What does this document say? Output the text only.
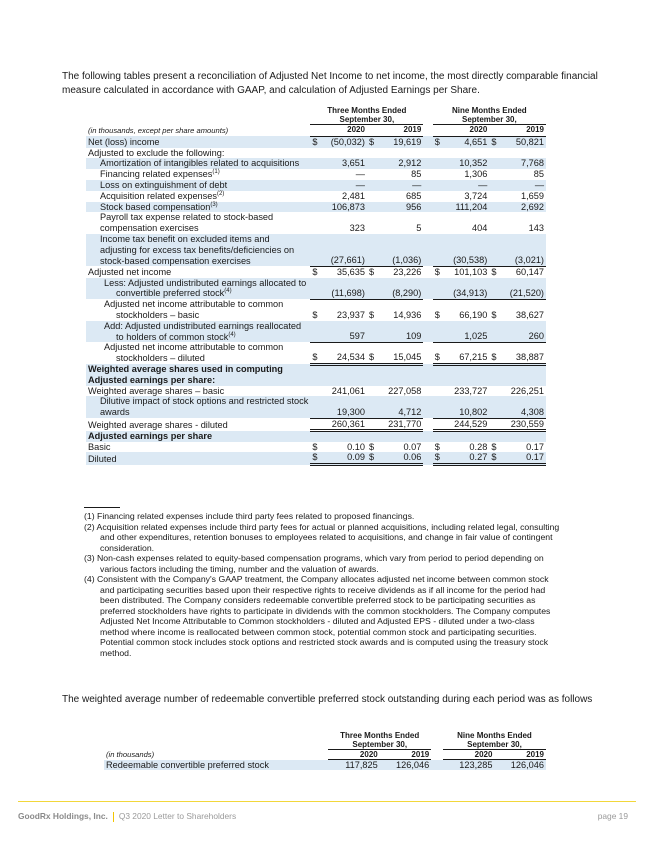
The following tables present a reconciliation of Adjusted Net Income to net income, the most directly comparable financial measure calculated in accordance with GAAP, and calculation of Adjusted Earnings per Share.
	Three Months Ended September 30,					Nine Months Ended September 30,			
(in thousands, except per share amounts)	2020		2019			2020		2019	
Net (loss) income	$	(50,032)	$	19,619		$	4,651	$	50,821
Adjusted to exclude the following:									
Amortization of intangibles related to acquisitions		3,651		2,912			10,352		7,768
Financing related expenses$^{(1)}$		—		85			1,306		85
Loss on extinguishment of debt		—		—			—		—
Acquisition related expenses$^{(2)}$		2,481		685			3,724		1,659
Stock based compensation$^{(3)}$		106,873		956			111,204		2,692
Payroll tax expense related to stock-based compensation exercises		323		5			404		143
Income tax benefit on excluded items and adjusting for excess tax benefits/deficiencies on stock-based compensation exercises		(27,661)		(1,036)			(30,538)		(3,021)
Adjusted net income	$	35,635	$	23,226		$	101,103	$	60,147
Less: Adjusted undistributed earnings allocated to convertible preferred stock$^{(4)}$		(11,698)		(8,290)			(34,913)		(21,520)
Adjusted net income attributable to common stockholders – basic	$	23,937	$	14,936		$	66,190	$	38,627
Add: Adjusted undistributed earnings reallocated to holders of common stock$^{(4)}$		597		109			1,025		260
Adjusted net income attributable to common stockholders – diluted	$	24,534	$	15,045		$	67,215	$	38,887
Weighted average shares used in computing Adjusted earnings per share:									
Weighted average shares – basic		241,061		227,058			233,727		226,251
Dilutive impact of stock options and restricted stock awards		19,300		4,712			10,802		4,308
Weighted average shares - diluted		260,361		231,770			244,529		230,559
Adjusted earnings per share									
Basic	$	0.10	$	0.07		$	0.28	$	0.17
Diluted	$	0.09	$	0.06		$	0.27	$	0.17
(1) Financing related expenses include third party fees related to proposed financings.
(2) Acquisition related expenses include third party fees for actual or planned acquisitions, including related legal, consulting and other expenditures, retention bonuses to employees related to acquisitions, and change in fair value of contingent consideration.
(3) Non-cash expenses related to equity-based compensation programs, which vary from period to period depending on various factors including the timing, number and the valuation of awards.
(4) Consistent with the Company's GAAP treatment, the Company allocates adjusted net income between common stock and participating securities based upon their respective rights to receive dividends as if all income for the period had been distributed. The Company considers redeemable convertible preferred stock to be participating securities as preferred stockholders have rights to participate in dividends with the common stockholders. The Company computes Adjusted Net Income Attributable to Common stockholders - diluted and Adjusted EPS - diluted under a two-class method where income is reallocated between common stock, potential common stock and participating securities. Potential common stock includes stock options and restricted stock awards and is computed using the treasury stock method.
The weighted average number of redeemable convertible preferred stock outstanding during each period was as follows
	Three Months Ended September 30,			Nine Months Ended September 30,	
(in thousands)	2020	2019		2020	2019
Redeemable convertible preferred stock	117,825	126,046		123,285	126,046
GoodRx Holdings, Inc. Q3 2020 Letter to Shareholders	page 19
